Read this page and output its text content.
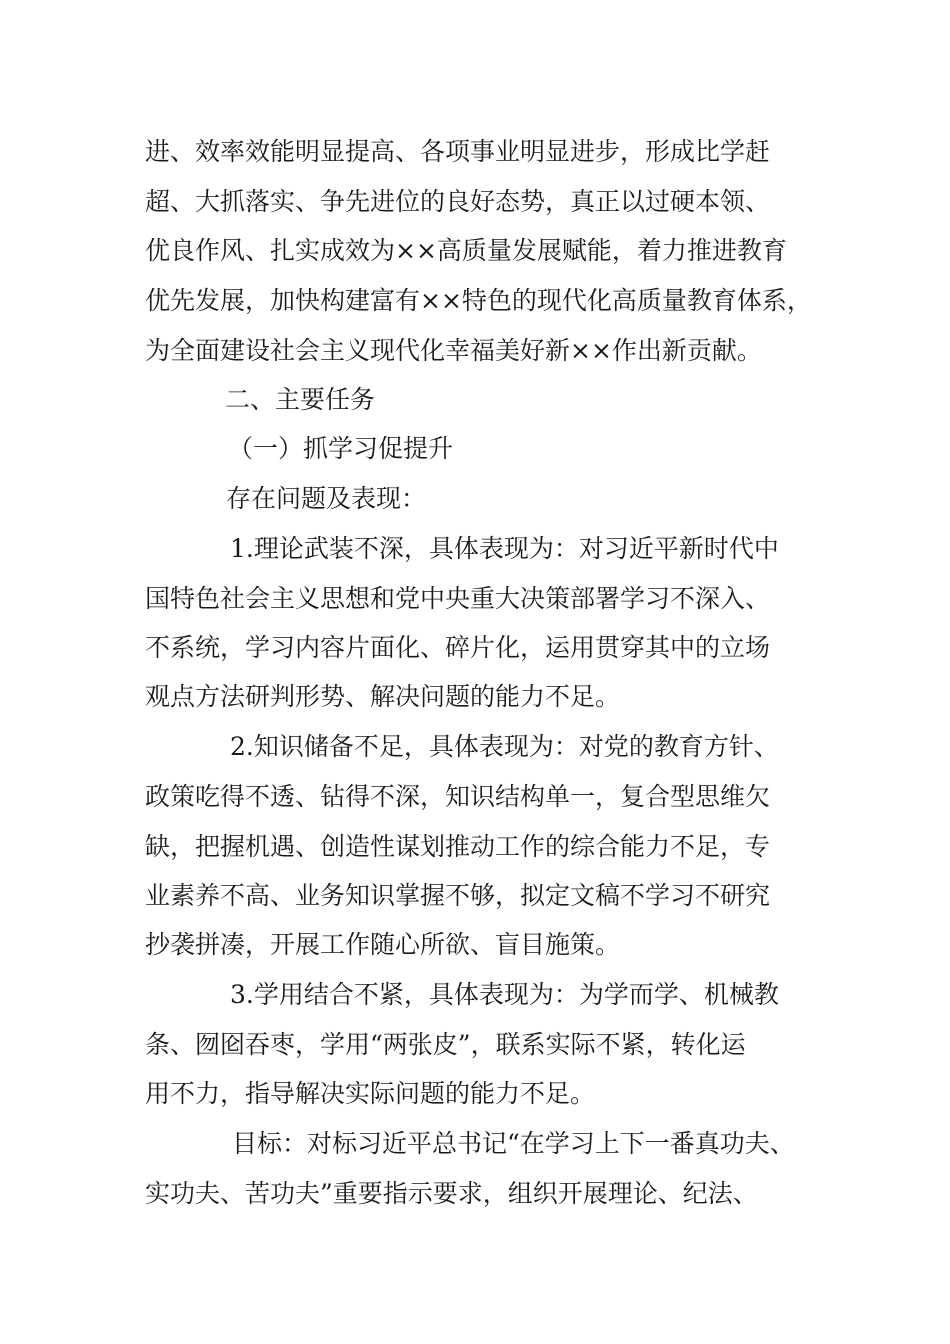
进、效率效能明显提高、各项事业明显进步，形成比学赶
超、大抓落实、争先进位的良好态势，真正以过硬本领、
优良作风、扎实成效为××高质量发展赋能，着力推进教育
优先发展，加快构建富有××特色的现代化高质量教育体系，
为全面建设社会主义现代化幸福美好新××作出新贡献。
二、主要任务
（一）抓学习促提升
存在问题及表现：
1.理论武装不深，具体表现为：对习近平新时代中
国特色社会主义思想和党中央重大决策部署学习不深入、
不系统，学习内容片面化、碎片化，运用贯穿其中的立场
观点方法研判形势、解决问题的能力不足。
2.知识储备不足，具体表现为：对党的教育方针、
政策吃得不透、钻得不深，知识结构单一，复合型思维欠
缺，把握机遇、创造性谋划推动工作的综合能力不足，专
业素养不高、业务知识掌握不够，拟定文稿不学习不研究
抄袭拼凑，开展工作随心所欲、盲目施策。
3.学用结合不紧，具体表现为：为学而学、机械教
条、囫囵吞枣，学用“两张皮”，联系实际不紧，转化运
用不力，指导解决实际问题的能力不足。
目标：对标习近平总书记“在学习上下一番真功夫、
实功夫、苦功夫”重要指示要求，组织开展理论、纪法、
